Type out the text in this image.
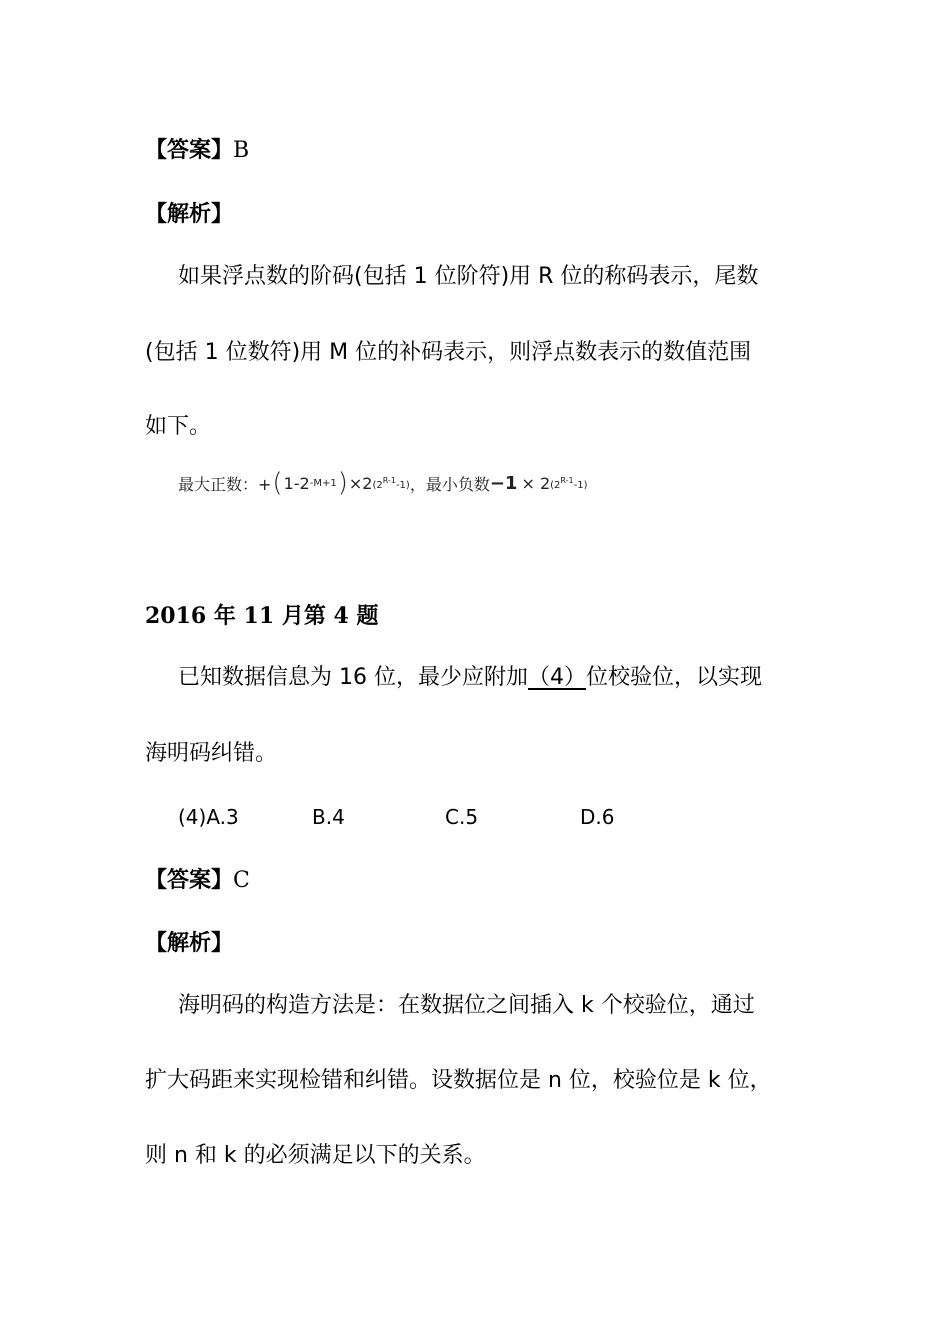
【答案】B
【解析】
如果浮点数的阶码(包括 1 位阶符)用 R 位的称码表示，尾数
(包括 1 位数符)用 M 位的补码表示，则浮点数表示的数值范围
如下。
最大正数：+ ( 1-2 -M+1 ) ×2 $(2^{R-1}-1)$ ，最小负数 −1 × 2 $(2^{R-1}-1)$
2016 年 11 月第 4 题
已知数据信息为 16 位，最少应附加（4）位校验位，以实现
海明码纠错。
(4)A.3	B.4	C.5	D.6
【答案】C
【解析】
海明码的构造方法是：在数据位之间插入 k 个校验位，通过
扩大码距来实现检错和纠错。设数据位是 n 位，校验位是 k 位，
则 n 和 k 的必须满足以下的关系。
